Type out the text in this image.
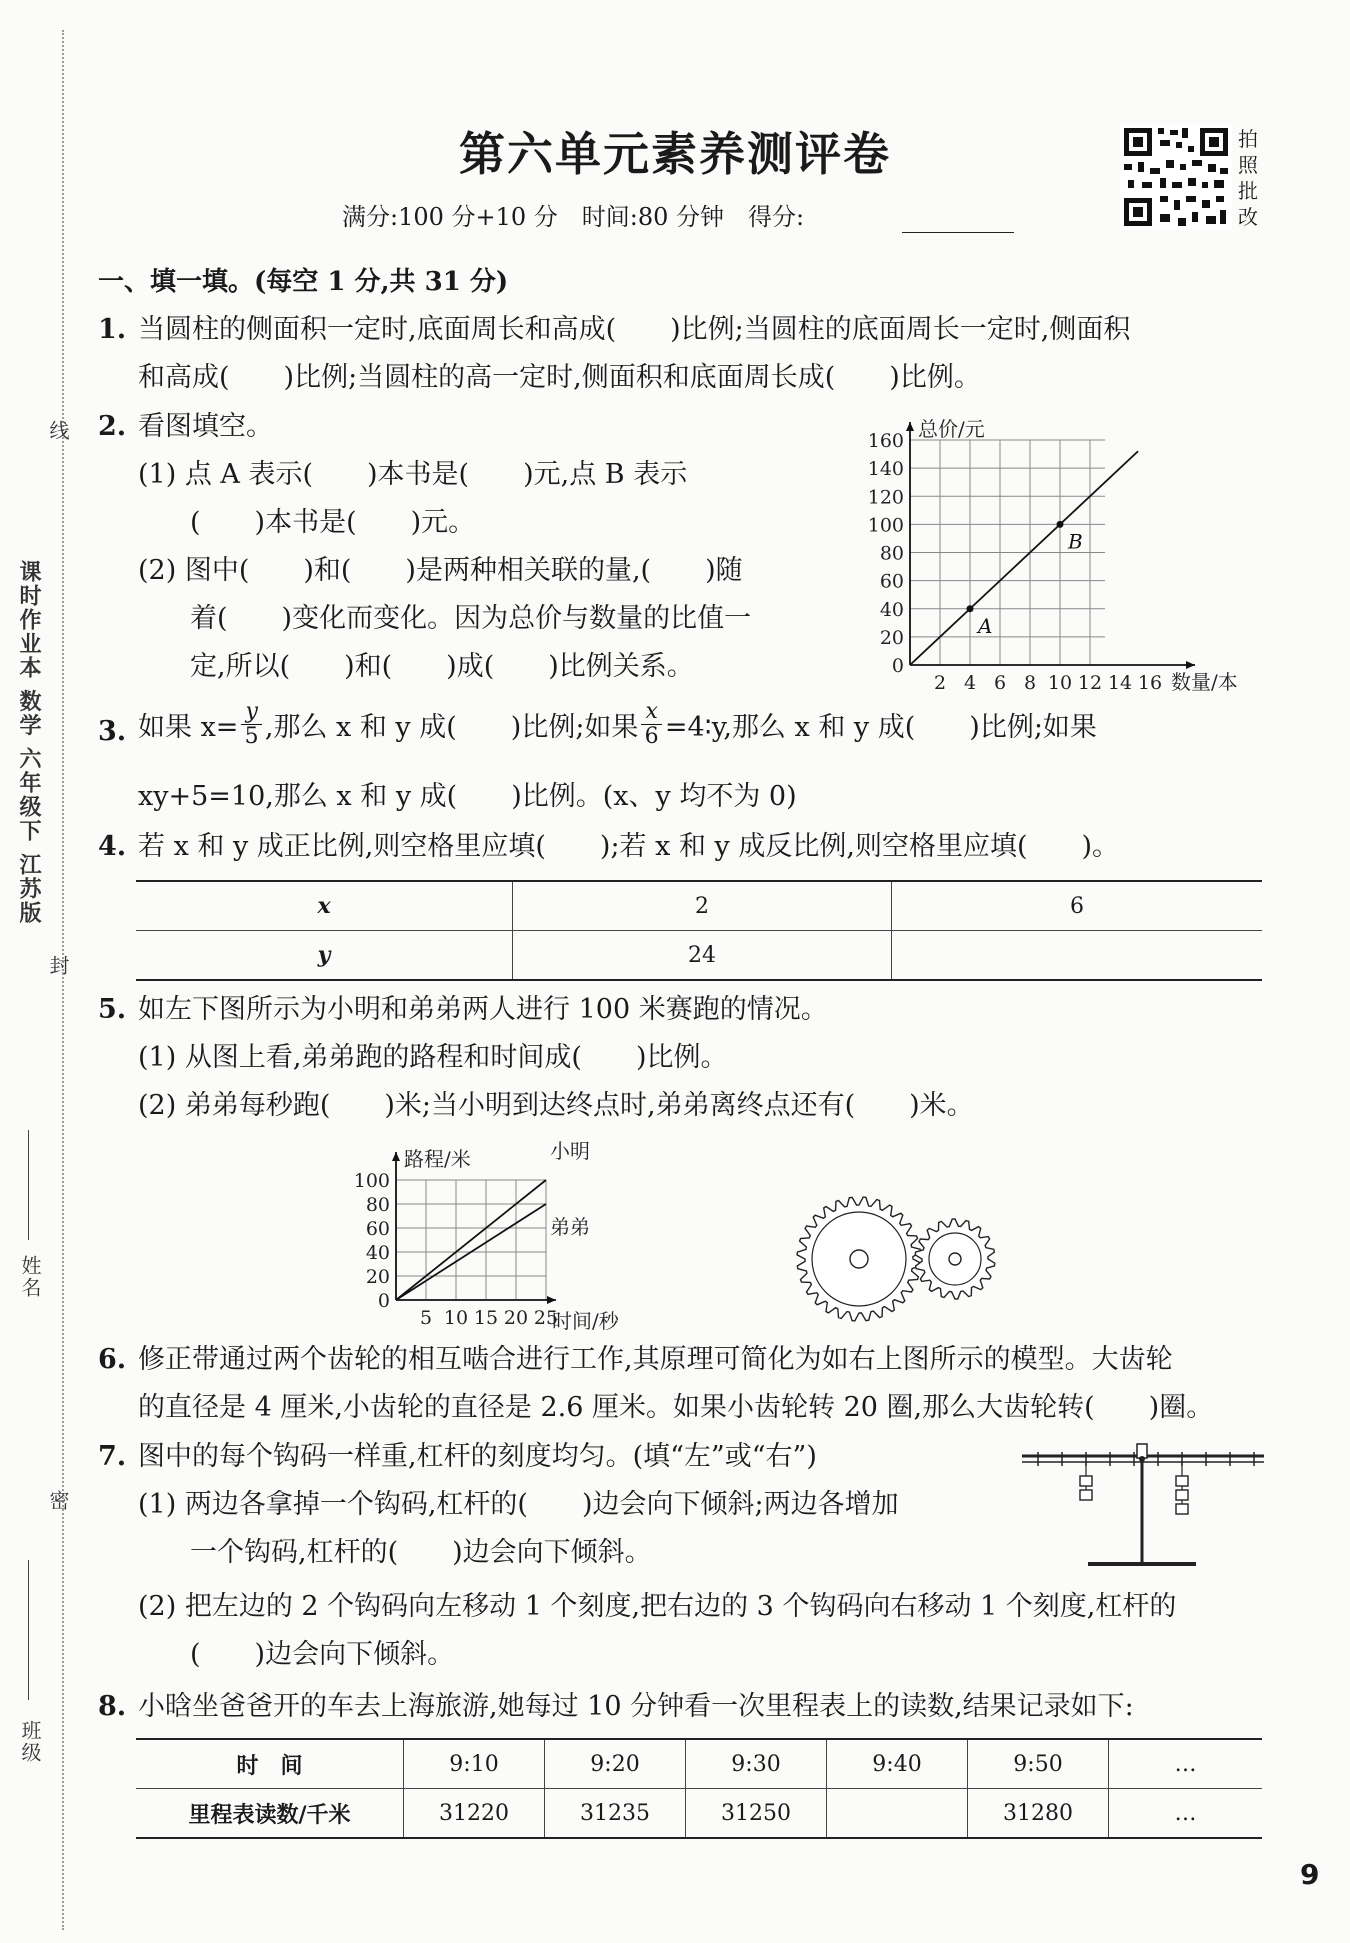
课时作业本 数学 六年级下 江苏版
线
封
密
姓名
班级
第六单元素养测评卷
满分:100 分+10 分　时间:80 分钟　得分:
拍照批改
一、填一填。(每空 1 分,共 31 分)
1. 当圆柱的侧面积一定时,底面周长和高成(　　)比例;当圆柱的底面周长一定时,侧面积
和高成(　　)比例;当圆柱的高一定时,侧面积和底面周长成(　　)比例。
2. 看图填空。
(1) 点 A 表示(　　)本书是(　　)元,点 B 表示
(　　)本书是(　　)元。
(2) 图中(　　)和(　　)是两种相关联的量,(　　)随
着(　　)变化而变化。因为总价与数量的比值一
定,所以(　　)和(　　)成(　　)比例关系。
2 4 6 8 10 12 14 16
20
40
60
80
100
120
140
160
0
总价/元
数量/本
A
B
3. 如果 $x= \frac{y}{5}$ ,那么 x 和 y 成(　　)比例;如果 $\frac{x}{6}$ =4∶y,那么 x 和 y 成(　　)比例;如果
xy+5=10,那么 x 和 y 成(　　)比例。(x、y 均不为 0)
4. 若 x 和 y 成正比例,则空格里应填(　　);若 x 和 y 成反比例,则空格里应填(　　)。
x	2	6
y	24	
5. 如左下图所示为小明和弟弟两人进行 100 米赛跑的情况。
(1) 从图上看,弟弟跑的路程和时间成(　　)比例。
(2) 弟弟每秒跑(　　)米;当小明到达终点时,弟弟离终点还有(　　)米。
5 10 15 20 25
20
40
60
80
100
0
路程/米
时间/秒
小明
弟弟
6. 修正带通过两个齿轮的相互啮合进行工作,其原理可简化为如右上图所示的模型。大齿轮
的直径是 4 厘米,小齿轮的直径是 2.6 厘米。如果小齿轮转 20 圈,那么大齿轮转(　　)圈。
7. 图中的每个钩码一样重,杠杆的刻度均匀。(填“左”或“右”)
(1) 两边各拿掉一个钩码,杠杆的(　　)边会向下倾斜;两边各增加
一个钩码,杠杆的(　　)边会向下倾斜。
(2) 把左边的 2 个钩码向左移动 1 个刻度,把右边的 3 个钩码向右移动 1 个刻度,杠杆的
(　　)边会向下倾斜。
8. 小晗坐爸爸开的车去上海旅游,她每过 10 分钟看一次里程表上的读数,结果记录如下:
时　间	9:10	9:20	9:30	9:40	9:50	…
里程表读数/千米	31220	31235	31250		31280	…
9
